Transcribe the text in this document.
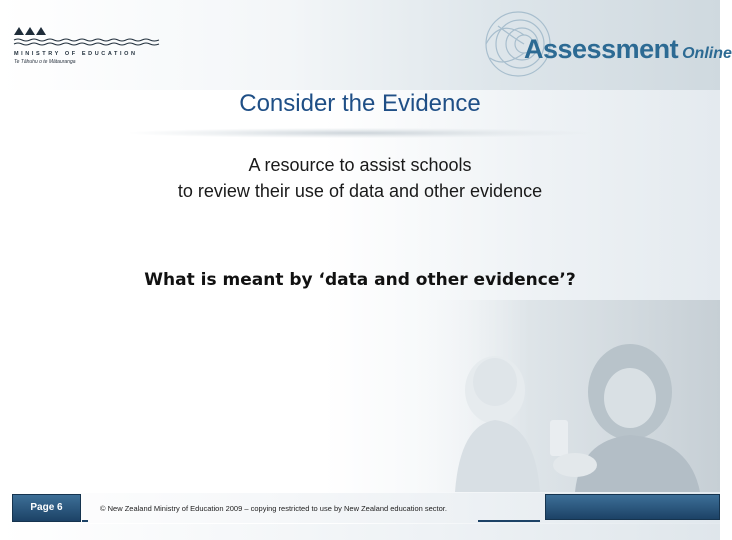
MINISTRY OF EDUCATION
Te Tāhuhu o te Mātauranga	Assessment Online
Consider the Evidence
A resource to assist schools
to review their use of data and other evidence
What is meant by ‘data and other evidence’?
Page 6	© New Zealand Ministry of Education 2009 – copying restricted to use by New Zealand education sector.
